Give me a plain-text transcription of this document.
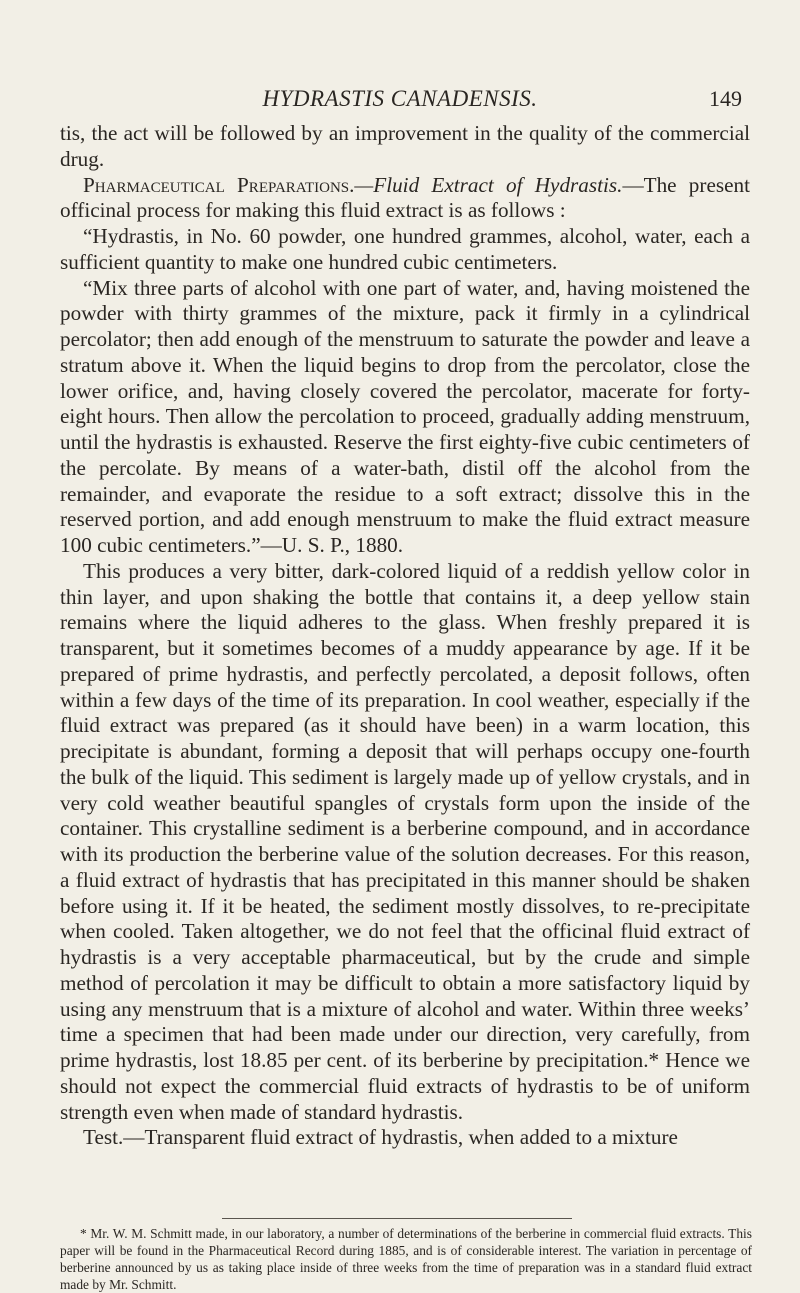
HYDRASTIS CANADENSIS.	149

tis, the act will be followed by an improvement in the quality of the commercial drug.

Pharmaceutical Preparations.—Fluid Extract of Hydrastis.—The present officinal process for making this fluid extract is as follows :

“Hydrastis, in No. 60 powder, one hundred grammes, alcohol, water, each a sufficient quantity to make one hundred cubic centimeters.

“Mix three parts of alcohol with one part of water, and, having moistened the powder with thirty grammes of the mixture, pack it firmly in a cylindrical percolator; then add enough of the menstruum to saturate the powder and leave a stratum above it. When the liquid begins to drop from the percolator, close the lower orifice, and, having closely covered the percolator, macerate for forty-eight hours. Then allow the percolation to proceed, gradually adding menstruum, until the hydrastis is exhausted. Reserve the first eighty-five cubic centimeters of the percolate. By means of a water-bath, distil off the alcohol from the remainder, and evaporate the residue to a soft extract; dissolve this in the reserved portion, and add enough menstruum to make the fluid extract measure 100 cubic centimeters.”—U. S. P., 1880.

This produces a very bitter, dark-colored liquid of a reddish yellow color in thin layer, and upon shaking the bottle that contains it, a deep yellow stain remains where the liquid adheres to the glass. When freshly prepared it is transparent, but it sometimes becomes of a muddy appearance by age. If it be prepared of prime hydrastis, and perfectly percolated, a deposit follows, often within a few days of the time of its preparation. In cool weather, especially if the fluid extract was prepared (as it should have been) in a warm location, this precipitate is abundant, forming a deposit that will perhaps occupy one-fourth the bulk of the liquid. This sediment is largely made up of yellow crystals, and in very cold weather beautiful spangles of crystals form upon the inside of the container. This crystalline sediment is a berberine compound, and in accordance with its production the berberine value of the solution decreases. For this reason, a fluid extract of hydrastis that has precipitated in this manner should be shaken before using it. If it be heated, the sediment mostly dissolves, to re-precipitate when cooled. Taken altogether, we do not feel that the officinal fluid extract of hydrastis is a very acceptable pharmaceutical, but by the crude and simple method of percolation it may be difficult to obtain a more satisfactory liquid by using any menstruum that is a mixture of alcohol and water. Within three weeks’ time a specimen that had been made under our direction, very carefully, from prime hydrastis, lost 18.85 per cent. of its berberine by precipitation.* Hence we should not expect the commercial fluid extracts of hydrastis to be of uniform strength even when made of standard hydrastis.

Test.—Transparent fluid extract of hydrastis, when added to a mixture

* Mr. W. M. Schmitt made, in our laboratory, a number of determinations of the berberine in commercial fluid extracts. This paper will be found in the Pharmaceutical Record during 1885, and is of considerable interest. The variation in percentage of berberine announced by us as taking place inside of three weeks from the time of preparation was in a standard fluid extract made by Mr. Schmitt.
